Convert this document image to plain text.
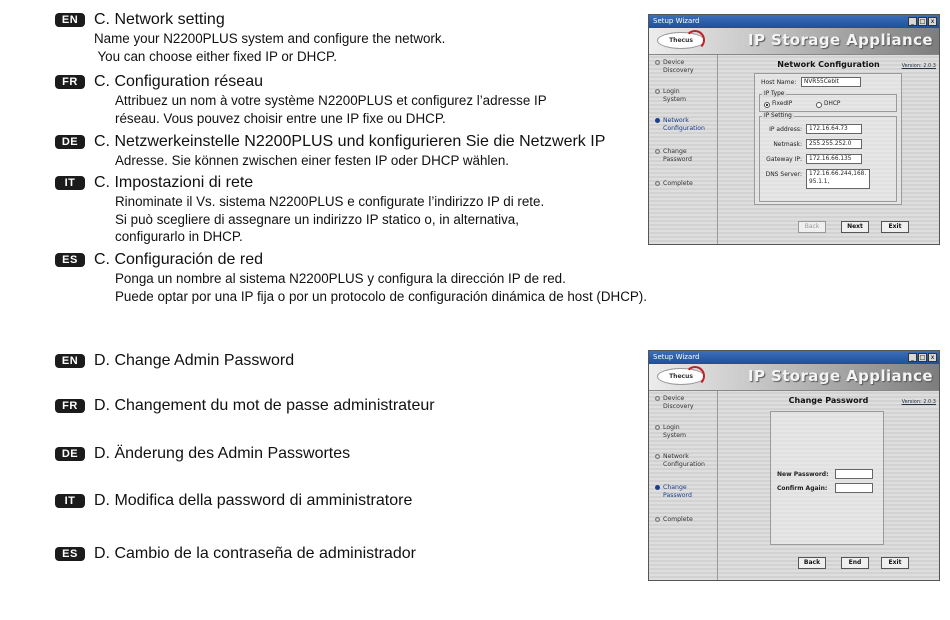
EN C. Network setting
Name your N2200PLUS system and configure the network.
You can choose either fixed IP or DHCP.
FR	C. Configuration réseau
Attribuez un nom à votre système N2200PLUS et configurez l’adresse IP
réseau. Vous pouvez choisir entre une IP fixe ou DHCP.
DE C. Netzwerkeinstelle N2200PLUS und konfigurieren Sie die Netzwerk IP
Adresse. Sie können zwischen einer festen IP oder DHCP wählen.
IT	C. Impostazioni di rete
Rinominate il Vs. sistema N2200PLUS e configurate l’indirizzo IP di rete.
Si può scegliere di assegnare un indirizzo IP statico o, in alternativa,
configurarlo in DHCP.
ES	C. Configuración de red
Ponga un nombre al sistema N2200PLUS y configura la dirección IP de red.
Puede optar por una IP fija o por un protocolo de configuración dinámica de host (DHCP).
EN D. Change Admin Password
FR	D. Changement du mot de passe administrateur
DE D. Änderung des Admin Passwortes
IT	D. Modifica della password di amministratore
ES	D. Cambio de la contraseña de administrador
Setup Wizard	_ □ x
Thecus	IP Storage Appliance
Device Discovery
Login System
Network Configuration
Change Password
Complete
Network Configuration	Version: 2.0.3
Host Name:	NVR55Cebit
IP Type
FixedIP	DHCP
IP Setting
IP address:	172.16.64.73
Netmask:	255.255.252.0
Gateway IP:	172.16.66.135
DNS Server: 172.16.66.244,168.
95.1.1,
Back	Next	Exit
Setup Wizard	_ □ x
Thecus	IP Storage Appliance
Device Discovery
Login System
Network Configuration
Change Password
Complete
Change Password	Version: 2.0.3
New Password:
Confirm Again:
Back	End	Exit
